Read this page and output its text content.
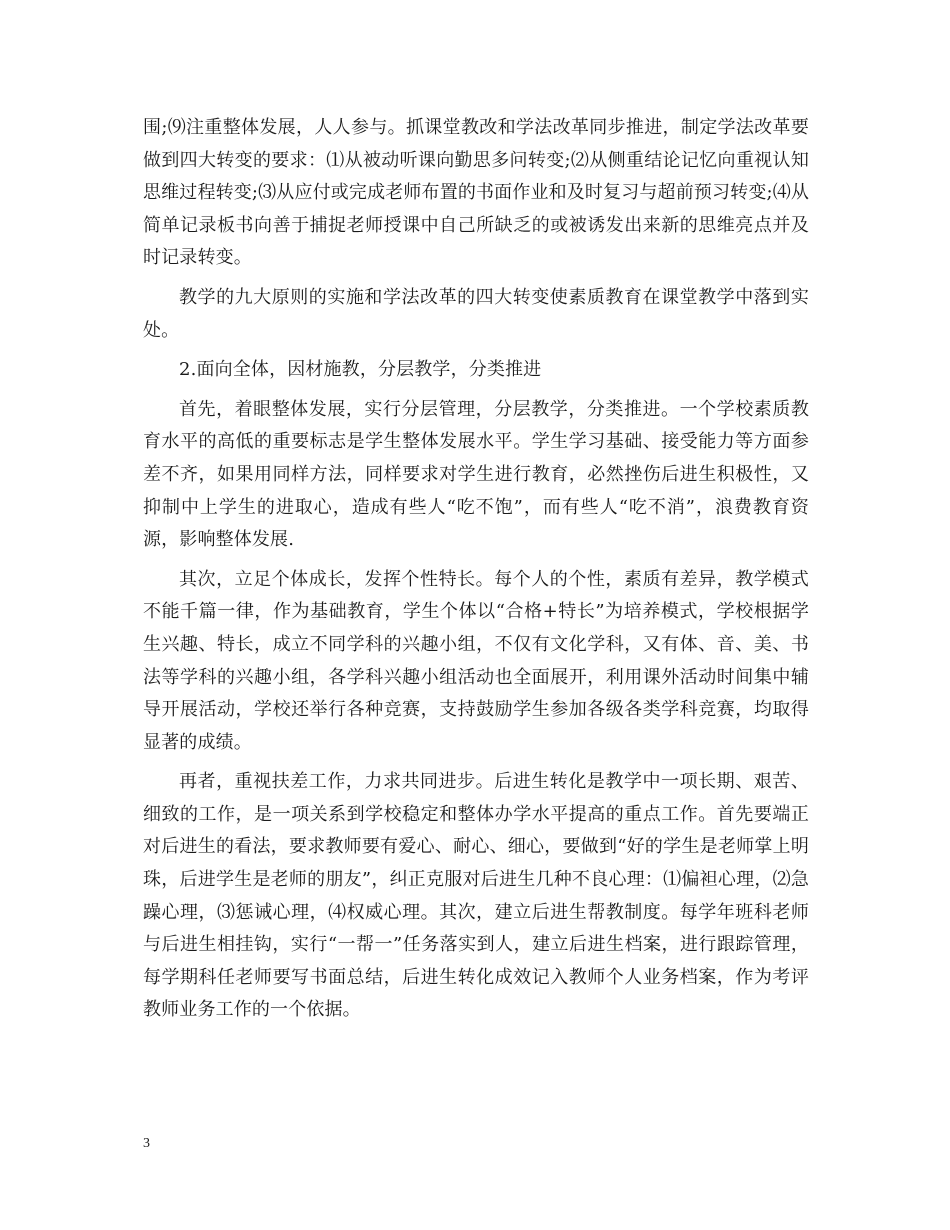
围;⑼注重整体发展，人人参与。抓课堂教改和学法改革同步推进，制定学法改革要做到四大转变的要求：⑴从被动听课向勤思多问转变;⑵从侧重结论记忆向重视认知思维过程转变;⑶从应付或完成老师布置的书面作业和及时复习与超前预习转变;⑷从简单记录板书向善于捕捉老师授课中自己所缺乏的或被诱发出来新的思维亮点并及时记录转变。

教学的九大原则的实施和学法改革的四大转变使素质教育在课堂教学中落到实处。

2.面向全体，因材施教，分层教学，分类推进

首先，着眼整体发展，实行分层管理，分层教学，分类推进。一个学校素质教育水平的高低的重要标志是学生整体发展水平。学生学习基础、接受能力等方面参差不齐，如果用同样方法，同样要求对学生进行教育，必然挫伤后进生积极性，又抑制中上学生的进取心，造成有些人“吃不饱”，而有些人“吃不消”，浪费教育资源，影响整体发展.

其次，立足个体成长，发挥个性特长。每个人的个性，素质有差异，教学模式不能千篇一律，作为基础教育，学生个体以“合格+特长”为培养模式，学校根据学生兴趣、特长，成立不同学科的兴趣小组，不仅有文化学科，又有体、音、美、书法等学科的兴趣小组，各学科兴趣小组活动也全面展开，利用课外活动时间集中辅导开展活动，学校还举行各种竞赛，支持鼓励学生参加各级各类学科竞赛，均取得显著的成绩。

再者，重视扶差工作，力求共同进步。后进生转化是教学中一项长期、艰苦、细致的工作，是一项关系到学校稳定和整体办学水平提高的重点工作。首先要端正对后进生的看法，要求教师要有爱心、耐心、细心，要做到“好的学生是老师掌上明珠，后进学生是老师的朋友”，纠正克服对后进生几种不良心理：⑴偏袒心理，⑵急躁心理，⑶惩诫心理，⑷权威心理。其次，建立后进生帮教制度。每学年班科老师与后进生相挂钩，实行“一帮一”任务落实到人，建立后进生档案，进行跟踪管理，每学期科任老师要写书面总结，后进生转化成效记入教师个人业务档案，作为考评教师业务工作的一个依据。

3
